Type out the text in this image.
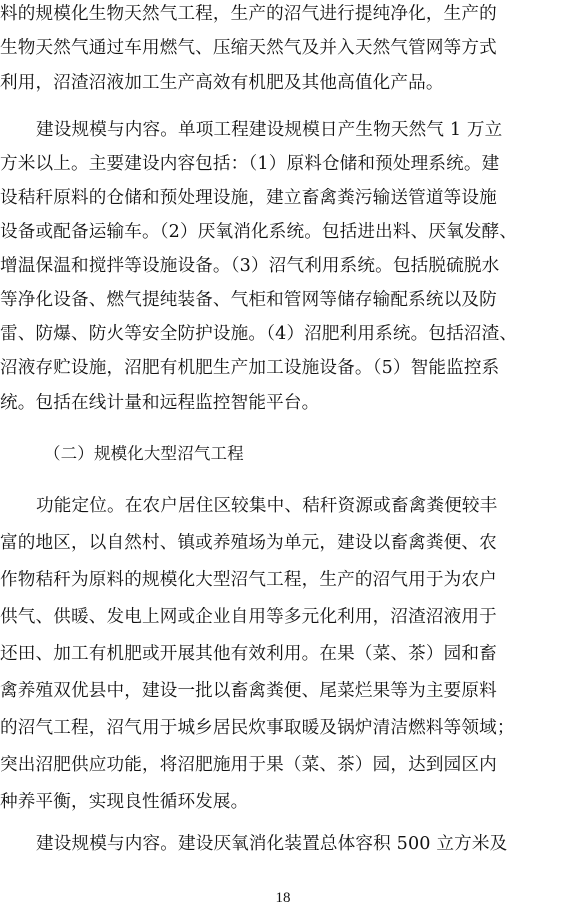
料的规模化生物天然气工程，生产的沼气进行提纯净化，生产的
生物天然气通过车用燃气、压缩天然气及并入天然气管网等方式
利用，沼渣沼液加工生产高效有机肥及其他高值化产品。
建设规模与内容。单项工程建设规模日产生物天然气 1 万立
方米以上。主要建设内容包括：（1）原料仓储和预处理系统。建
设秸秆原料的仓储和预处理设施，建立畜禽粪污输送管道等设施
设备或配备运输车。（2）厌氧消化系统。包括进出料、厌氧发酵、
增温保温和搅拌等设施设备。（3）沼气利用系统。包括脱硫脱水
等净化设备、燃气提纯装备、气柜和管网等储存输配系统以及防
雷、防爆、防火等安全防护设施。（4）沼肥利用系统。包括沼渣、
沼液存贮设施，沼肥有机肥生产加工设施设备。（5）智能监控系
统。包括在线计量和远程监控智能平台。
（二）规模化大型沼气工程
功能定位。在农户居住区较集中、秸秆资源或畜禽粪便较丰
富的地区，以自然村、镇或养殖场为单元，建设以畜禽粪便、农
作物秸秆为原料的规模化大型沼气工程，生产的沼气用于为农户
供气、供暖、发电上网或企业自用等多元化利用，沼渣沼液用于
还田、加工有机肥或开展其他有效利用。在果（菜、茶）园和畜
禽养殖双优县中，建设一批以畜禽粪便、尾菜烂果等为主要原料
的沼气工程，沼气用于城乡居民炊事取暖及锅炉清洁燃料等领域；
突出沼肥供应功能，将沼肥施用于果（菜、茶）园，达到园区内
种养平衡，实现良性循环发展。
建设规模与内容。建设厌氧消化装置总体容积 500 立方米及
18
